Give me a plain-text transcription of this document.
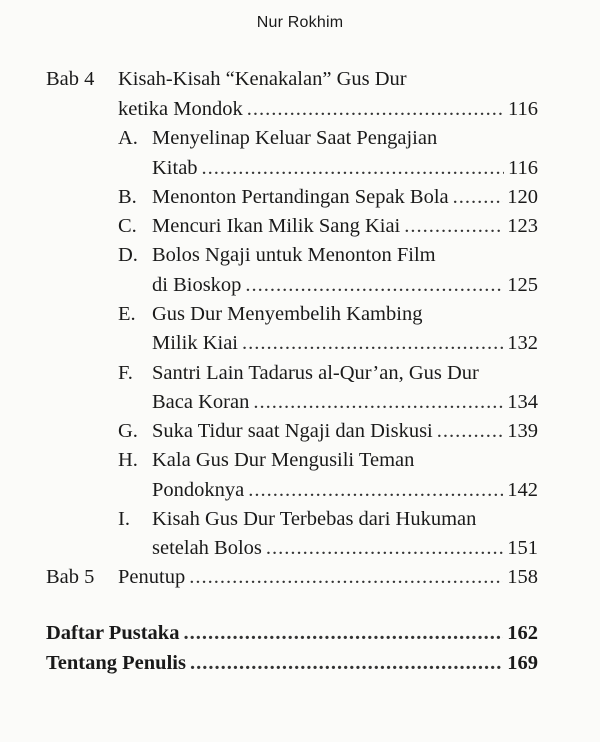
Nur Rokhim
Bab 4 Kisah-Kisah “Kenakalan” Gus Dur
ketika Mondok .....	116
A. Menyelinap Keluar Saat Pengajian
Kitab .....	116
B. Menonton Pertandingan Sepak Bola .....	120
C. Mencuri Ikan Milik Sang Kiai .....	123
D. Bolos Ngaji untuk Menonton Film
di Bioskop .....	125
E. Gus Dur Menyembelih Kambing
Milik Kiai .....	132
F. Santri Lain Tadarus al-Qur’an, Gus Dur
Baca Koran .....	134
G. Suka Tidur saat Ngaji dan Diskusi .....	139
H. Kala Gus Dur Mengusili Teman
Pondoknya .....	142
I. Kisah Gus Dur Terbebas dari Hukuman
setelah Bolos .....	151
Bab 5 Penutup .....	158
Daftar Pustaka .....	162
Tentang Penulis .....	169
